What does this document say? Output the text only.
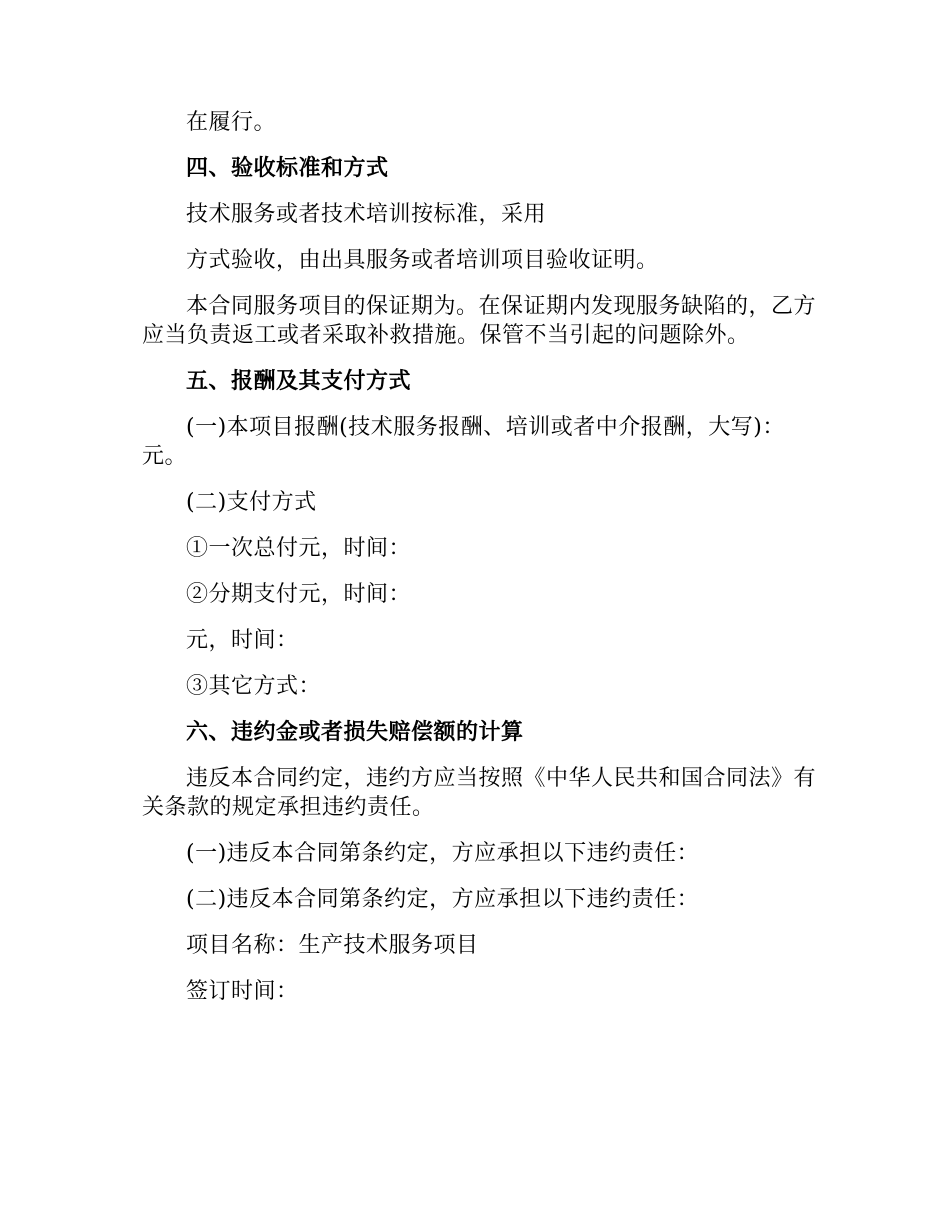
在履行。

四、验收标准和方式

技术服务或者技术培训按标准，采用

方式验收，由出具服务或者培训项目验收证明。

本合同服务项目的保证期为。在保证期内发现服务缺陷的，乙方应当负责返工或者采取补救措施。保管不当引起的问题除外。

五、报酬及其支付方式

(一)本项目报酬(技术服务报酬、培训或者中介报酬，大写)：元。

(二)支付方式

①一次总付元，时间：

②分期支付元，时间：

元，时间：

③其它方式：

六、违约金或者损失赔偿额的计算

违反本合同约定，违约方应当按照《中华人民共和国合同法》有关条款的规定承担违约责任。

(一)违反本合同第条约定，方应承担以下违约责任：

(二)违反本合同第条约定，方应承担以下违约责任：

项目名称：生产技术服务项目

签订时间：
